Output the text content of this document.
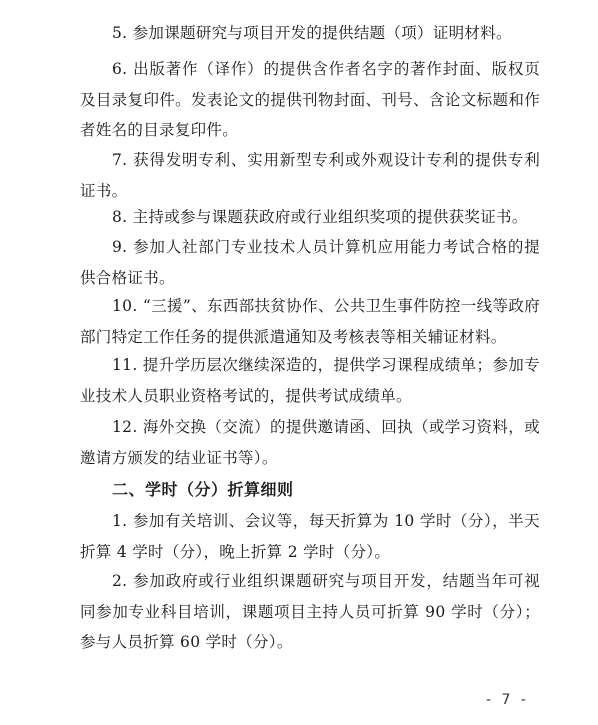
5. 参加课题研究与项目开发的提供结题（项）证明材料。

6. 出版著作（译作）的提供含作者名字的著作封面、版权页及目录复印件。发表论文的提供刊物封面、刊号、含论文标题和作者姓名的目录复印件。

7. 获得发明专利、实用新型专利或外观设计专利的提供专利证书。

8. 主持或参与课题获政府或行业组织奖项的提供获奖证书。

9. 参加人社部门专业技术人员计算机应用能力考试合格的提供合格证书。

10. “三援”、东西部扶贫协作、公共卫生事件防控一线等政府部门特定工作任务的提供派遣通知及考核表等相关辅证材料。

11. 提升学历层次继续深造的，提供学习课程成绩单；参加专业技术人员职业资格考试的，提供考试成绩单。

12. 海外交换（交流）的提供邀请函、回执（或学习资料，或邀请方颁发的结业证书等）。

二、学时（分）折算细则

1. 参加有关培训、会议等，每天折算为 10 学时（分），半天折算 4 学时（分），晚上折算 2 学时（分）。

2. 参加政府或行业组织课题研究与项目开发，结题当年可视同参加专业科目培训，课题项目主持人员可折算 90 学时（分）；参与人员折算 60 学时（分）。

- 7 -
